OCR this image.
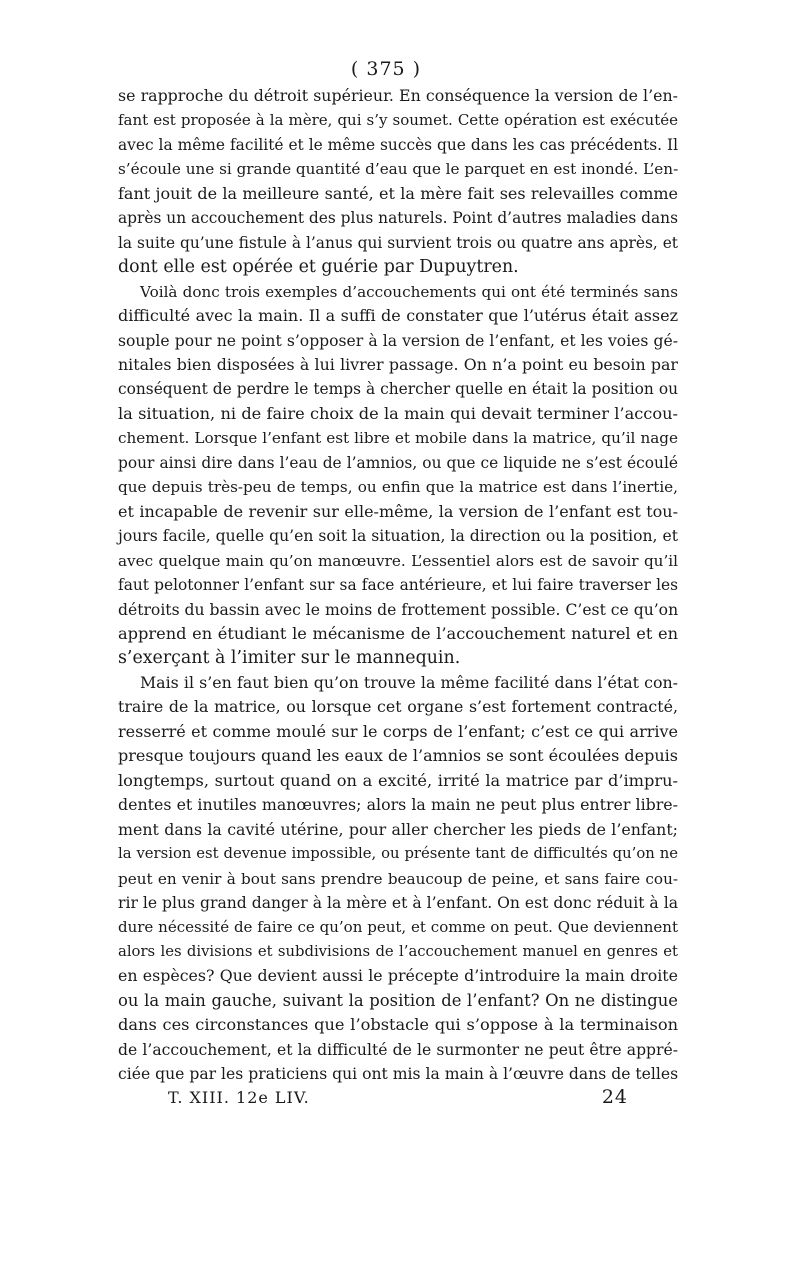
( 375 )

se rapproche du détroit supérieur. En conséquence la version de l’en-
fant est proposée à la mère, qui s’y soumet. Cette opération est exécutée
avec la même facilité et le même succès que dans les cas précédents. Il
s’écoule une si grande quantité d’eau que le parquet en est inondé. L’en-
fant jouit de la meilleure santé, et la mère fait ses relevailles comme
après un accouchement des plus naturels. Point d’autres maladies dans
la suite qu’une fistule à l’anus qui survient trois ou quatre ans après, et
dont elle est opérée et guérie par Dupuytren.

Voilà donc trois exemples d’accouchements qui ont été terminés sans
difficulté avec la main. Il a suffi de constater que l’utérus était assez
souple pour ne point s’opposer à la version de l’enfant, et les voies gé-
nitales bien disposées à lui livrer passage. On n’a point eu besoin par
conséquent de perdre le temps à chercher quelle en était la position ou
la situation, ni de faire choix de la main qui devait terminer l’accou-
chement. Lorsque l’enfant est libre et mobile dans la matrice, qu’il nage
pour ainsi dire dans l’eau de l’amnios, ou que ce liquide ne s’est écoulé
que depuis très-peu de temps, ou enfin que la matrice est dans l’inertie,
et incapable de revenir sur elle-même, la version de l’enfant est tou-
jours facile, quelle qu’en soit la situation, la direction ou la position, et
avec quelque main qu’on manœuvre. L’essentiel alors est de savoir qu’il
faut pelotonner l’enfant sur sa face antérieure, et lui faire traverser les
détroits du bassin avec le moins de frottement possible. C’est ce qu’on
apprend en étudiant le mécanisme de l’accouchement naturel et en
s’exerçant à l’imiter sur le mannequin.

Mais il s’en faut bien qu’on trouve la même facilité dans l’état con-
traire de la matrice, ou lorsque cet organe s’est fortement contracté,
resserré et comme moulé sur le corps de l’enfant; c’est ce qui arrive
presque toujours quand les eaux de l’amnios se sont écoulées depuis
longtemps, surtout quand on a excité, irrité la matrice par d’impru-
dentes et inutiles manœuvres; alors la main ne peut plus entrer libre-
ment dans la cavité utérine, pour aller chercher les pieds de l’enfant;
la version est devenue impossible, ou présente tant de difficultés qu’on ne
peut en venir à bout sans prendre beaucoup de peine, et sans faire cou-
rir le plus grand danger à la mère et à l’enfant. On est donc réduit à la
dure nécessité de faire ce qu’on peut, et comme on peut. Que deviennent
alors les divisions et subdivisions de l’accouchement manuel en genres et
en espèces? Que devient aussi le précepte d’introduire la main droite
ou la main gauche, suivant la position de l’enfant? On ne distingue
dans ces circonstances que l’obstacle qui s’oppose à la terminaison
de l’accouchement, et la difficulté de le surmonter ne peut être appré-
ciée que par les praticiens qui ont mis la main à l’œuvre dans de telles

T. XIII. 12e LIV.	24
